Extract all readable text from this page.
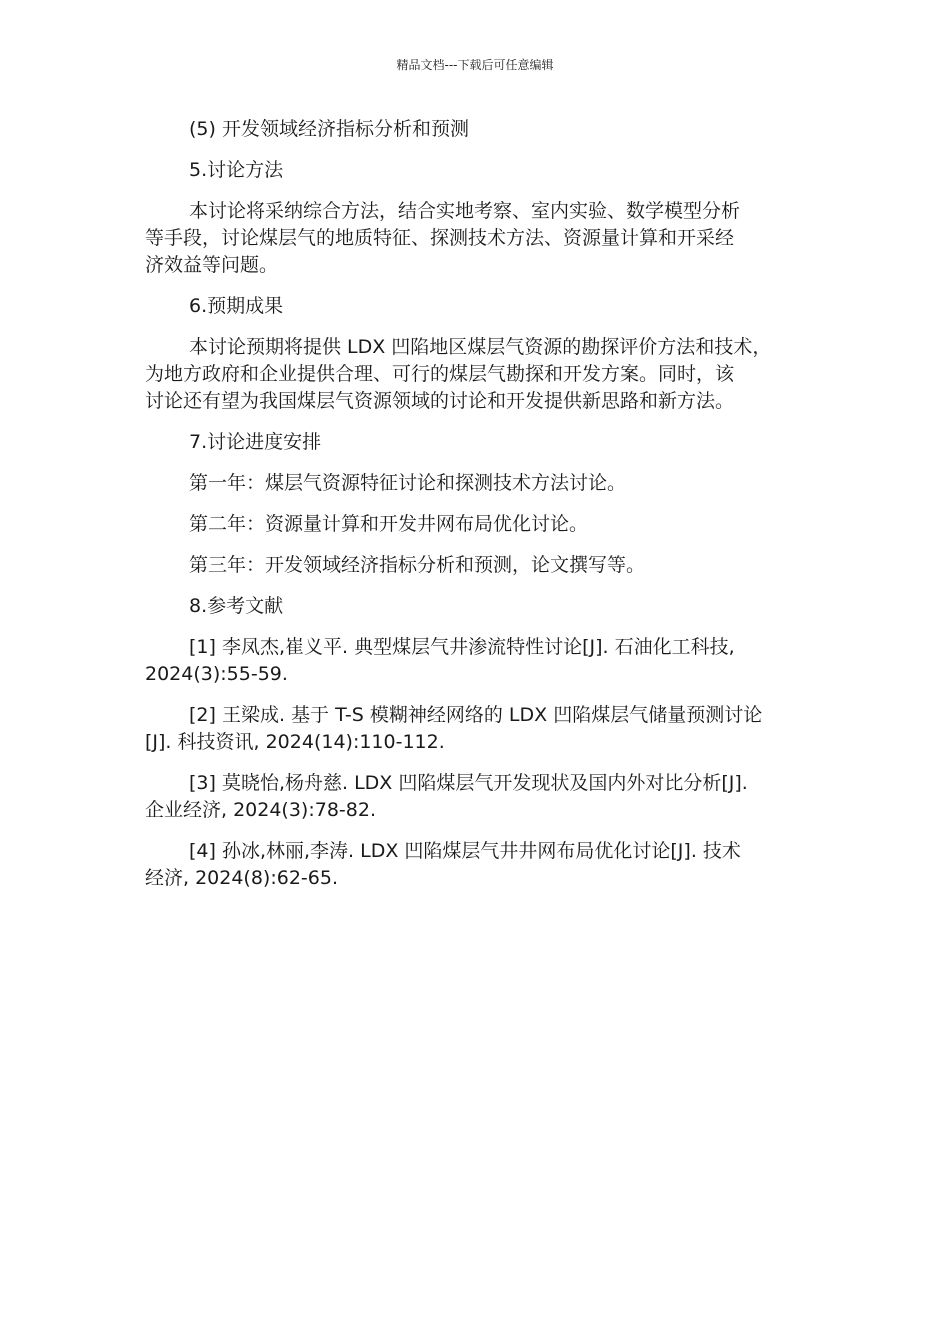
精品文档---下载后可任意编辑

(5) 开发领域经济指标分析和预测

5.讨论方法

本讨论将采纳综合方法，结合实地考察、室内实验、数学模型分析
等手段，讨论煤层气的地质特征、探测技术方法、资源量计算和开采经
济效益等问题。

6.预期成果

本讨论预期将提供 LDX 凹陷地区煤层气资源的勘探评价方法和技术，
为地方政府和企业提供合理、可行的煤层气勘探和开发方案。同时，该
讨论还有望为我国煤层气资源领域的讨论和开发提供新思路和新方法。

7.讨论进度安排

第一年：煤层气资源特征讨论和探测技术方法讨论。

第二年：资源量计算和开发井网布局优化讨论。

第三年：开发领域经济指标分析和预测，论文撰写等。

8.参考文献

[1] 李凤杰,崔义平. 典型煤层气井渗流特性讨论[J]. 石油化工科技,
2024(3):55-59.

[2] 王梁成. 基于 T-S 模糊神经网络的 LDX 凹陷煤层气储量预测讨论
[J]. 科技资讯, 2024(14):110-112.

[3] 莫晓怡,杨舟慈. LDX 凹陷煤层气开发现状及国内外对比分析[J].
企业经济, 2024(3):78-82.

[4] 孙冰,林丽,李涛. LDX 凹陷煤层气井井网布局优化讨论[J]. 技术
经济, 2024(8):62-65.
